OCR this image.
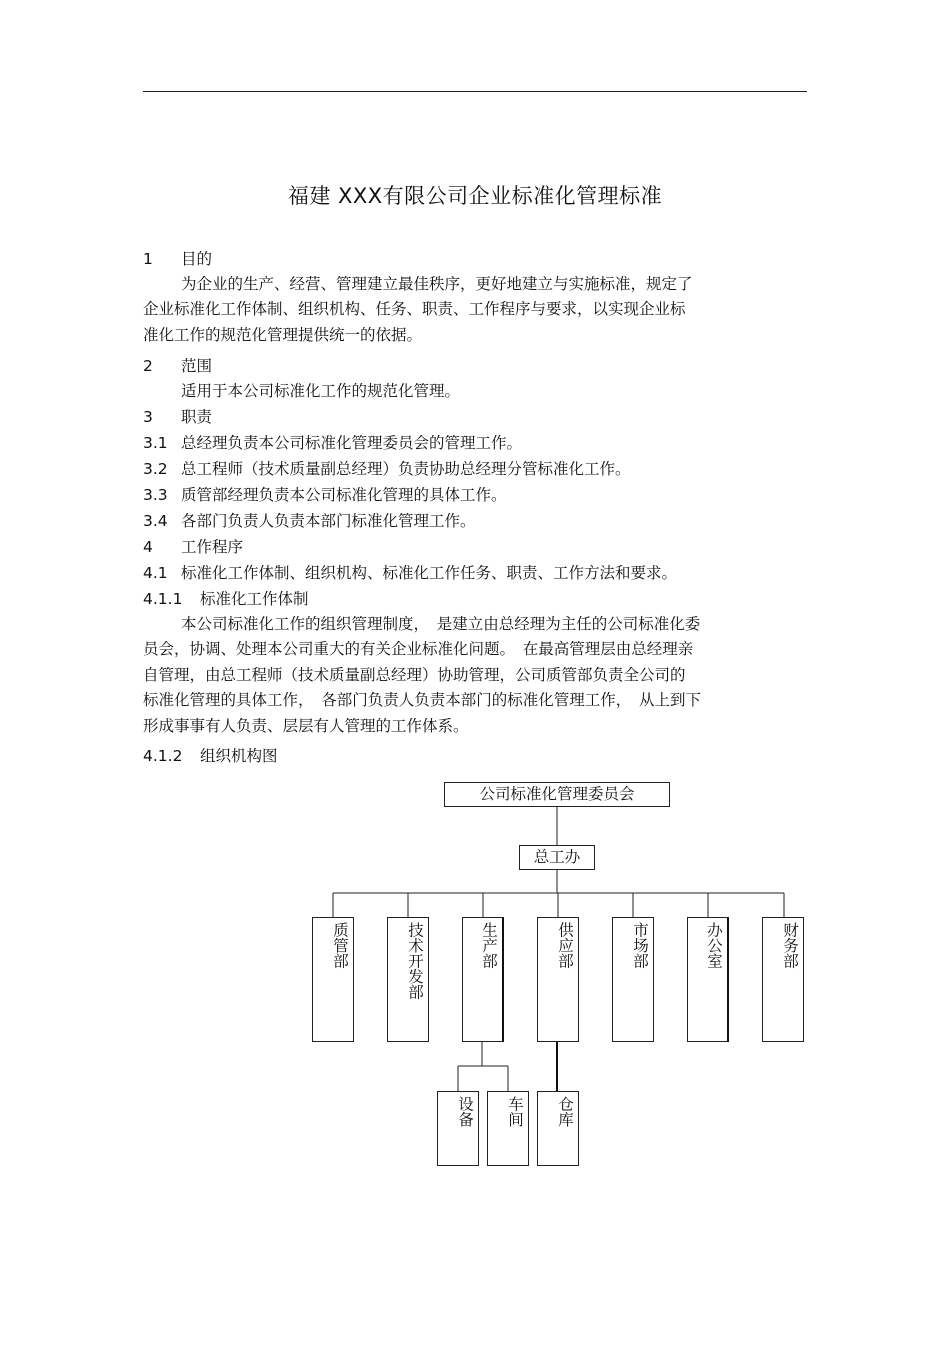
福建 XXX有限公司企业标准化管理标准
1 目的
为企业的生产、经营、管理建立最佳秩序，更好地建立与实施标准，规定了
企业标准化工作体制、组织机构、任务、职责、工作程序与要求，以实现企业标
准化工作的规范化管理提供统一的依据。
2 范围
适用于本公司标准化工作的规范化管理。
3 职责
3.1 总经理负责本公司标准化管理委员会的管理工作。
3.2 总工程师（技术质量副总经理）负责协助总经理分管标准化工作。
3.3 质管部经理负责本公司标准化管理的具体工作。
3.4 各部门负责人负责本部门标准化管理工作。
4 工作程序
4.1 标准化工作体制、组织机构、标准化工作任务、职责、工作方法和要求。
4.1.1 标准化工作体制
本公司标准化工作的组织管理制度，　是建立由总经理为主任的公司标准化委
员会，协调、处理本公司重大的有关企业标准化问题。　在最高管理层由总经理亲
自管理，由总工程师（技术质量副总经理）协助管理，公司质管部负责全公司的
标准化管理的具体工作，　各部门负责人负责本部门的标准化管理工作，　从上到下
形成事事有人负责、层层有人管理的工作体系。
4.1.2 组织机构图
公司标准化管理委员会
总工办
质管部	技术开发部	生产部	供应部	市场部	办公室	财务部
设备	车间	仓库
